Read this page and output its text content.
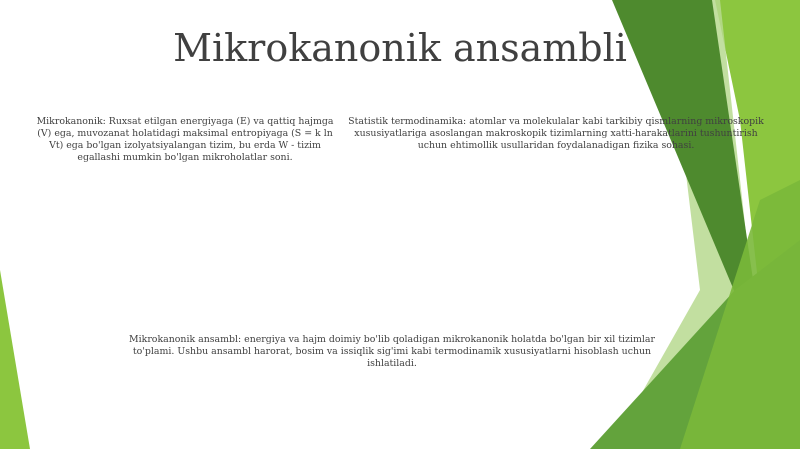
Mikrokanonik ansambli
Mikrokanonik: Ruxsat etilgan energiyaga (E) va qattiq hajmga (V) ega, muvozanat holatidagi maksimal entropiyaga (S = k ln Vt) ega bo'lgan izolyatsiyalangan tizim, bu erda W - tizim egallashi mumkin bo'lgan mikroholatlar soni.
Statistik termodinamika: atomlar va molekulalar kabi tarkibiy qismlarning mikroskopik xususiyatlariga asoslangan makroskopik tizimlarning xatti-harakatlarini tushuntirish uchun ehtimollik usullaridan foydalanadigan fizika sohasi.
Mikrokanonik ansambl: energiya va hajm doimiy bo'lib qoladigan mikrokanonik holatda bo'lgan bir xil tizimlar to'plami. Ushbu ansambl harorat, bosim va issiqlik sig'imi kabi termodinamik xususiyatlarni hisoblash uchun ishlatiladi.
